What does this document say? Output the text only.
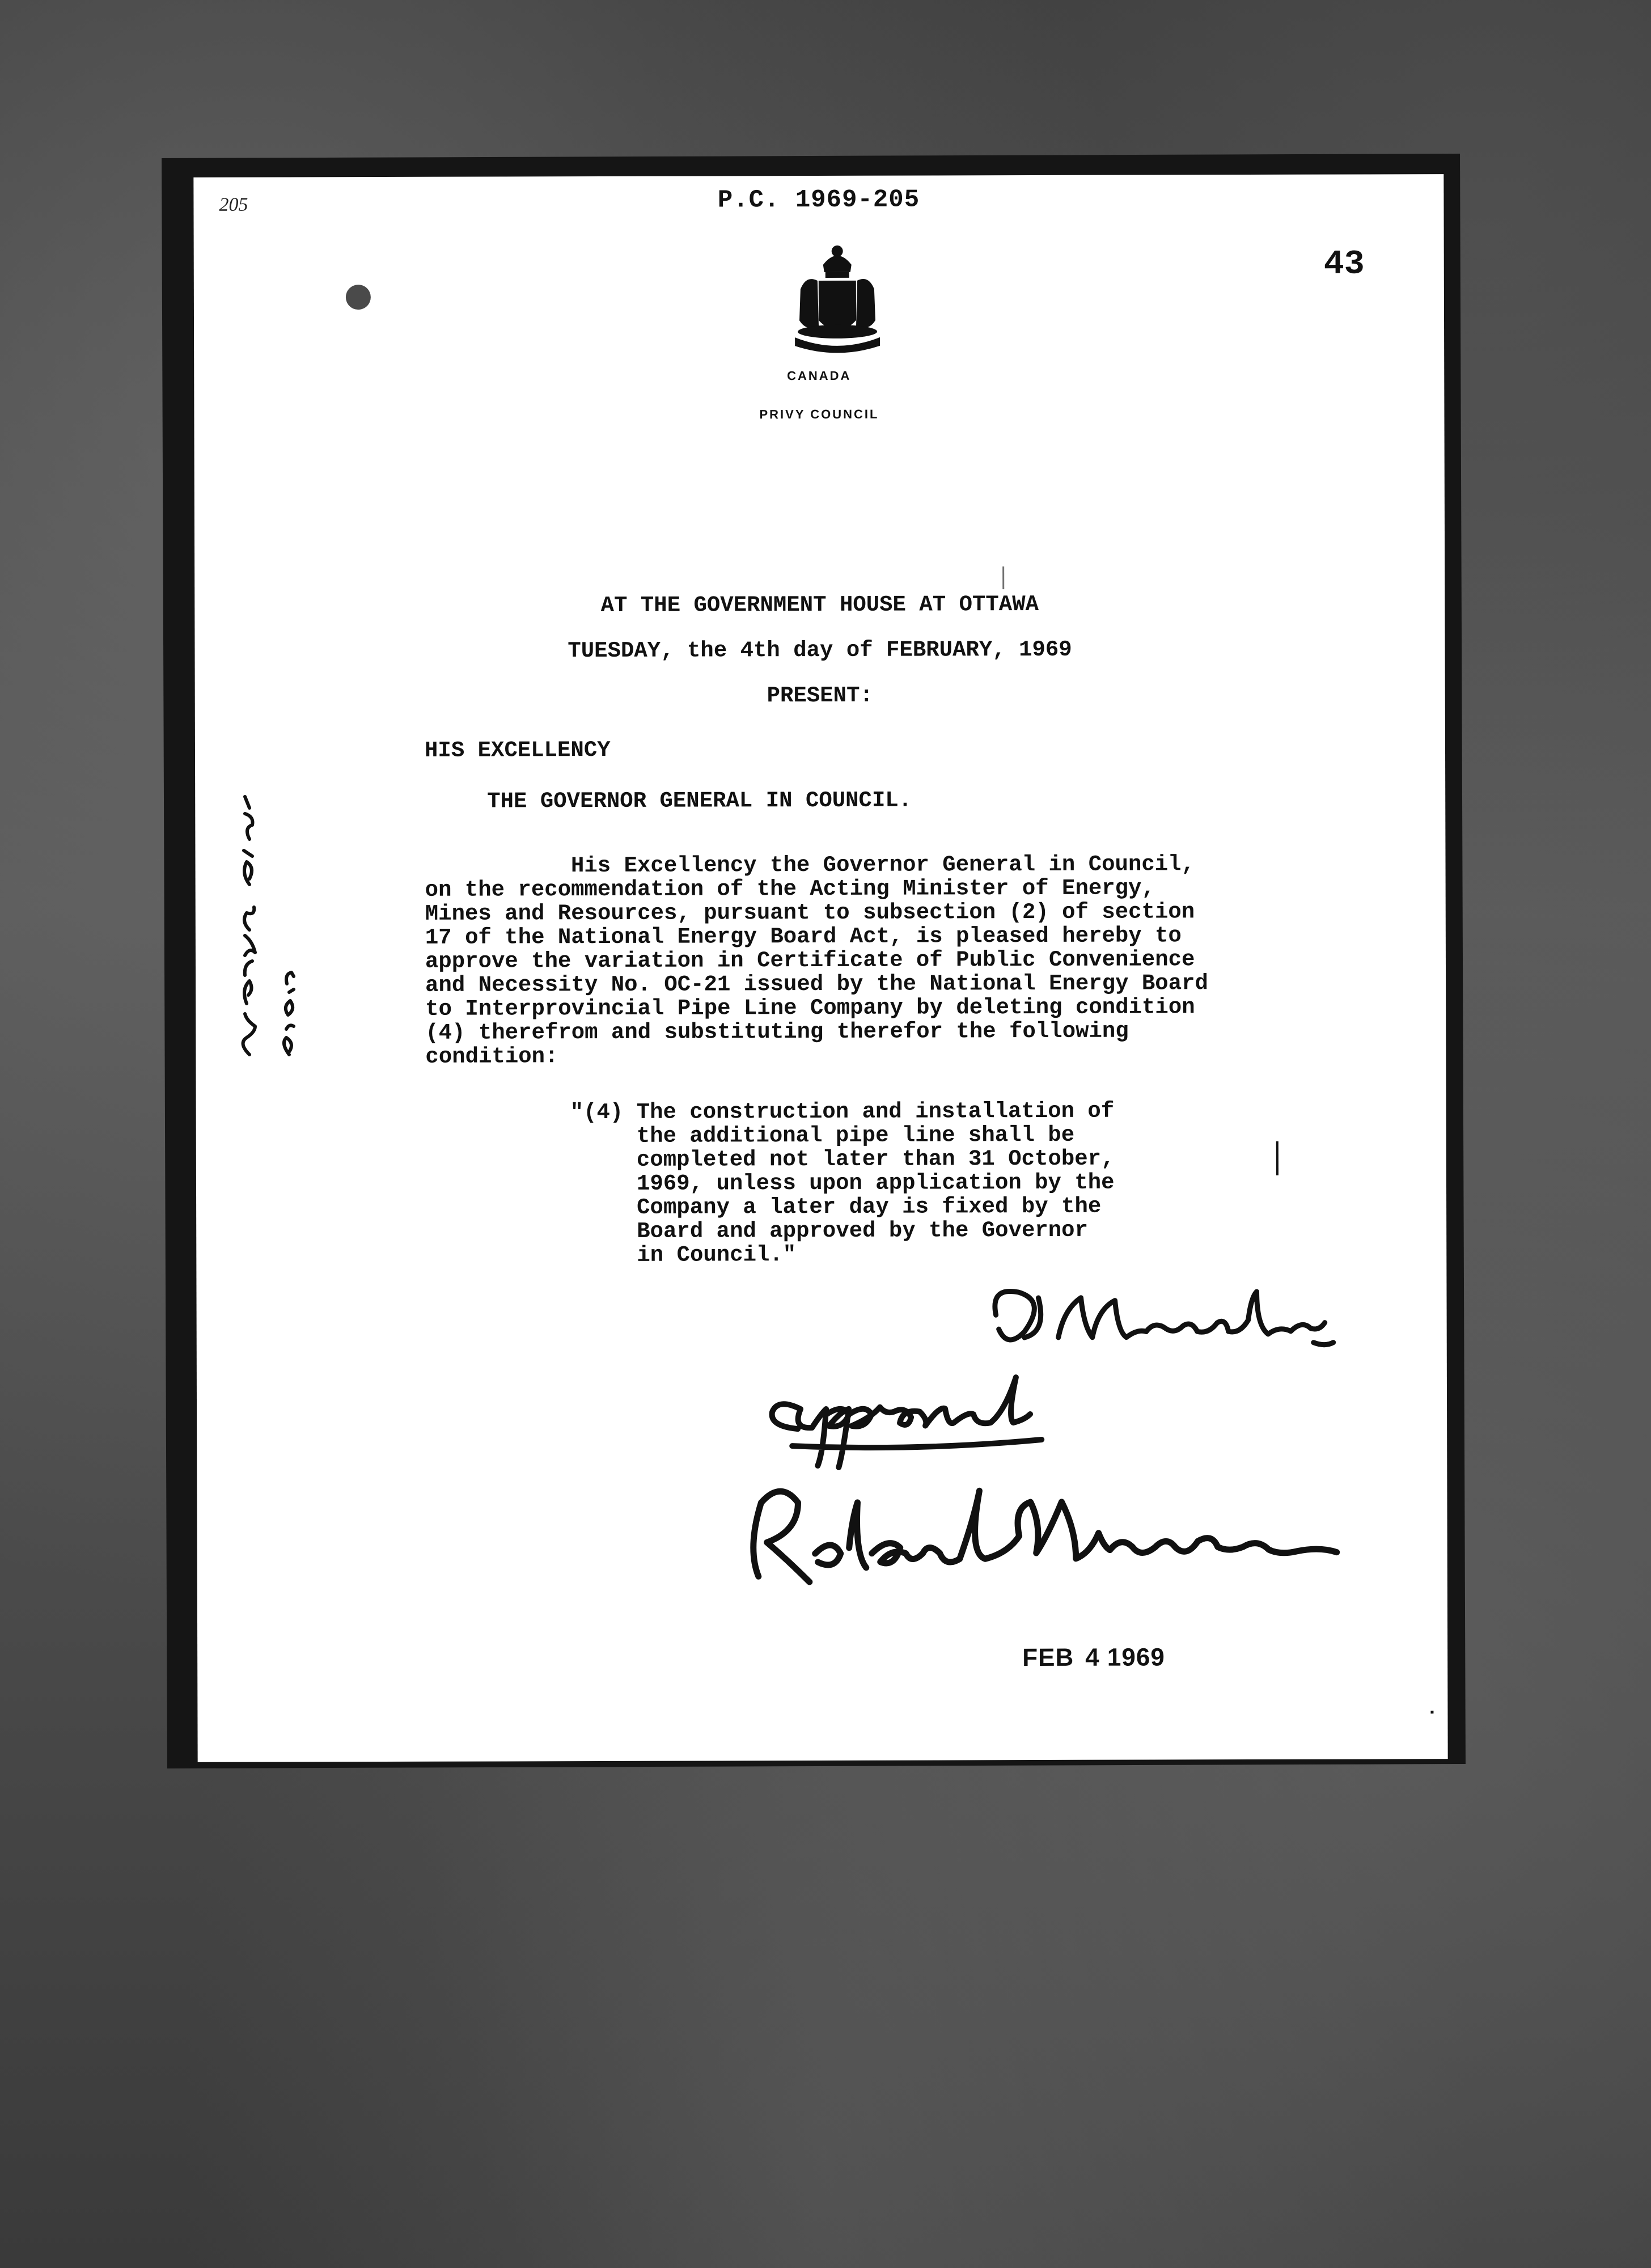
205	P.C. 1969-205
43
CANADA
PRIVY COUNCIL
AT THE GOVERNMENT HOUSE AT OTTAWA
TUESDAY, the 4th day of FEBRUARY, 1969
PRESENT:
HIS EXCELLENCY
THE GOVERNOR GENERAL IN COUNCIL.
His Excellency the Governor General in Council,
on the recommendation of the Acting Minister of Energy,
Mines and Resources, pursuant to subsection (2) of section
17 of the National Energy Board Act, is pleased hereby to
approve the variation in Certificate of Public Convenience
and Necessity No. OC-21 issued by the National Energy Board
to Interprovincial Pipe Line Company by deleting condition
(4) therefrom and substituting therefor the following
condition:
"(4) The construction and installation of
the additional pipe line shall be
completed not later than 31 October,
1969, unless upon application by the
Company a later day is fixed by the
Board and approved by the Governor
in Council."
FEB 4 1969
